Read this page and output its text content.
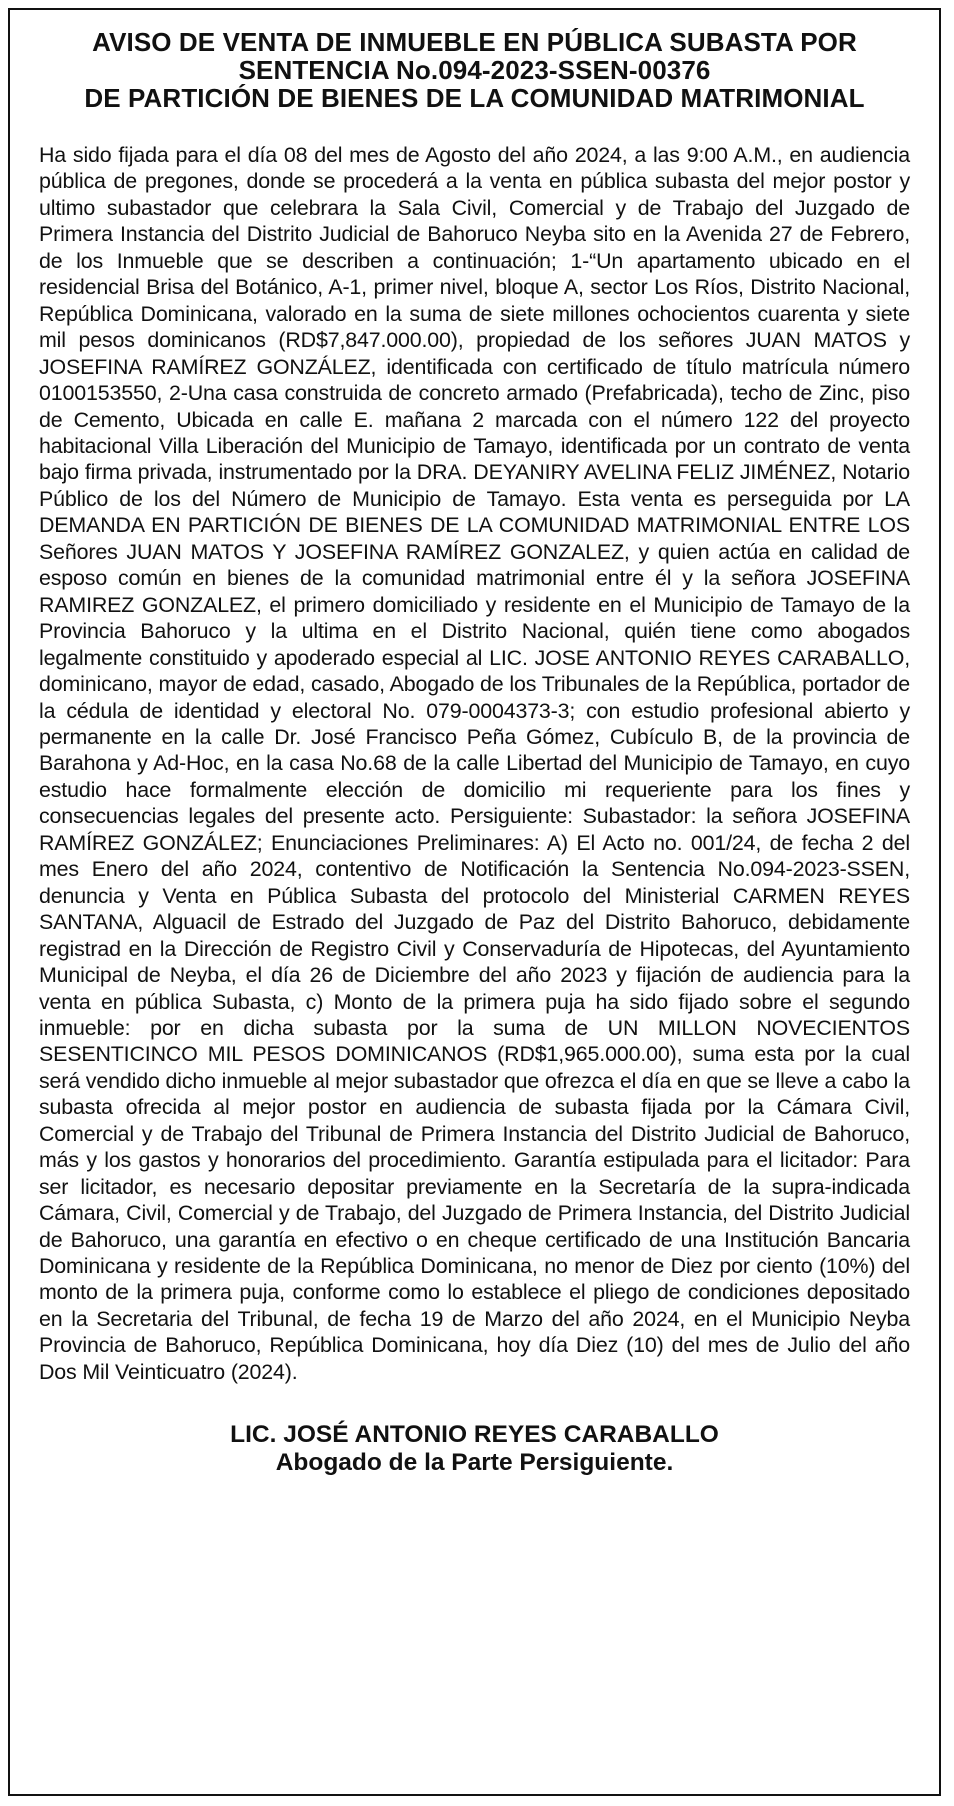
AVISO DE VENTA DE INMUEBLE EN PÚBLICA SUBASTA POR
SENTENCIA No.094-2023-SSEN-00376
DE PARTICIÓN DE BIENES DE LA COMUNIDAD MATRIMONIAL

Ha sido fijada para el día 08 del mes de Agosto del año 2024, a las 9:00 A.M., en audiencia pública de pregones, donde se procederá a la venta en pública subasta del mejor postor y ultimo subastador que celebrara la Sala Civil, Comercial y de Trabajo del Juzgado de Primera Instancia del Distrito Judicial de Bahoruco Neyba sito en la Avenida 27 de Febrero, de los Inmueble que se describen a continuación; 1-“Un apartamento ubicado en el residencial Brisa del Botánico, A-1, primer nivel, bloque A, sector Los Ríos, Distrito Nacional, República Dominicana, valorado en la suma de siete millones ochocientos cuarenta y siete mil pesos dominicanos (RD$7,847.000.00), propiedad de los señores JUAN MATOS y JOSEFINA RAMÍREZ GONZÁLEZ, identificada con certificado de título matrícula número 0100153550, 2-Una casa construida de concreto armado (Prefabricada), techo de Zinc, piso de Cemento, Ubicada en calle E. mañana 2 marcada con el número 122 del proyecto habitacional Villa Liberación del Municipio de Tamayo, identificada por un contrato de venta bajo firma privada, instrumentado por la DRA. DEYANIRY AVELINA FELIZ JIMÉNEZ, Notario Público de los del Número de Municipio de Tamayo. Esta venta es perseguida por LA DEMANDA EN PARTICIÓN DE BIENES DE LA COMUNIDAD MATRIMONIAL ENTRE LOS Señores JUAN MATOS Y JOSEFINA RAMÍREZ GONZALEZ, y quien actúa en calidad de esposo común en bienes de la comunidad matrimonial entre él y la señora JOSEFINA RAMIREZ GONZALEZ, el primero domiciliado y residente en el Municipio de Tamayo de la Provincia Bahoruco y la ultima en el Distrito Nacional, quién tiene como abogados legalmente constituido y apoderado especial al LIC. JOSE ANTONIO REYES CARABALLO, dominicano, mayor de edad, casado, Abogado de los Tribunales de la República, portador de la cédula de identidad y electoral No. 079-0004373-3; con estudio profesional abierto y permanente en la calle Dr. José Francisco Peña Gómez, Cubículo B, de la provincia de Barahona y Ad-Hoc, en la casa No.68 de la calle Libertad del Municipio de Tamayo, en cuyo estudio hace formalmente elección de domicilio mi requeriente para los fines y consecuencias legales del presente acto. Persiguiente: Subastador: la señora JOSEFINA RAMÍREZ GONZÁLEZ; Enunciaciones Preliminares: A) El Acto no. 001/24, de fecha 2 del mes Enero del año 2024, contentivo de Notificación la Sentencia No.094-2023-SSEN, denuncia y Venta en Pública Subasta del protocolo del Ministerial CARMEN REYES SANTANA, Alguacil de Estrado del Juzgado de Paz del Distrito Bahoruco, debidamente registrad en la Dirección de Registro Civil y Conservaduría de Hipotecas, del Ayuntamiento Municipal de Neyba, el día 26 de Diciembre del año 2023 y fijación de audiencia para la venta en pública Subasta, c) Monto de la primera puja ha sido fijado sobre el segundo inmueble: por en dicha subasta por la suma de UN MILLON NOVECIENTOS SESENTICINCO MIL PESOS DOMINICANOS (RD$1,965.000.00), suma esta por la cual será vendido dicho inmueble al mejor subastador que ofrezca el día en que se lleve a cabo la subasta ofrecida al mejor postor en audiencia de subasta fijada por la Cámara Civil, Comercial y de Trabajo del Tribunal de Primera Instancia del Distrito Judicial de Bahoruco, más y los gastos y honorarios del procedimiento. Garantía estipulada para el licitador: Para ser licitador, es necesario depositar previamente en la Secretaría de la supra-indicada Cámara, Civil, Comercial y de Trabajo, del Juzgado de Primera Instancia, del Distrito Judicial de Bahoruco, una garantía en efectivo o en cheque certificado de una Institución Bancaria Dominicana y residente de la República Dominicana, no menor de Diez por ciento (10%) del monto de la primera puja, conforme como lo establece el pliego de condiciones depositado en la Secretaria del Tribunal, de fecha 19 de Marzo del año 2024, en el Municipio Neyba Provincia de Bahoruco, República Dominicana, hoy día Diez (10) del mes de Julio del año Dos Mil Veinticuatro (2024).

LIC. JOSÉ ANTONIO REYES CARABALLO
Abogado de la Parte Persiguiente.
